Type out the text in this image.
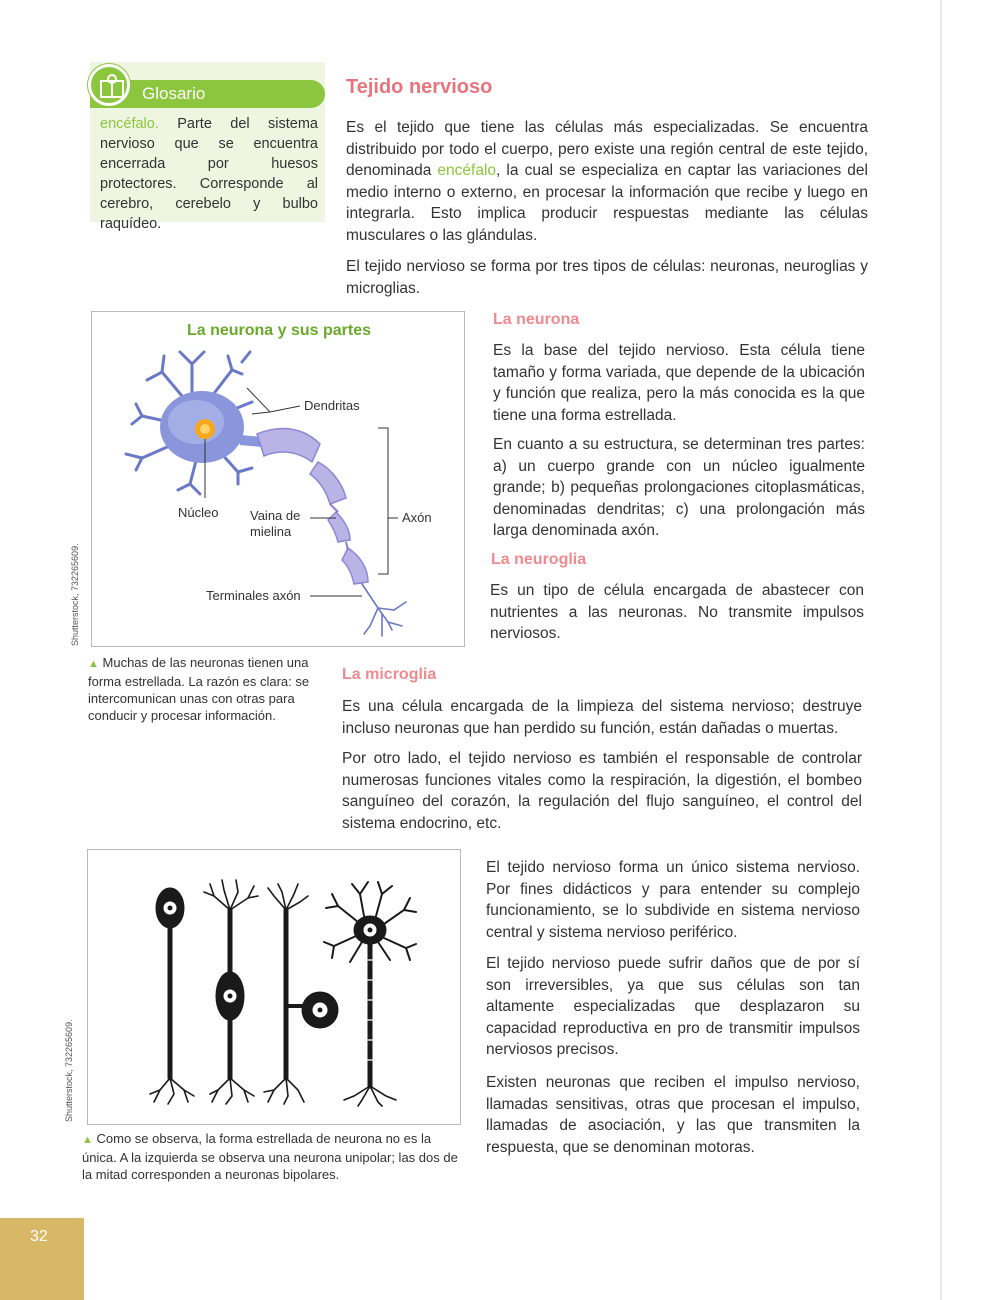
Glosario

encéfalo. Parte del sistema nervioso que se encuentra encerrada por huesos protectores. Corresponde al cerebro, cerebelo y bulbo raquídeo.

Tejido nervioso

Es el tejido que tiene las células más especializadas. Se encuentra distribuido por todo el cuerpo, pero existe una región central de este tejido, denominada encéfalo, la cual se especializa en captar las variaciones del medio interno o externo, en procesar la información que recibe y luego en integrarla. Esto implica producir respuestas mediante las células musculares o las glándulas.

El tejido nervioso se forma por tres tipos de células: neuronas, neuroglias y microglias.

La neurona y sus partes
Dendritas
Núcleo Vaina de mielina
Axón
Terminales axón
Shutterstock, 732265609.

▲ Muchas de las neuronas tienen una forma estrellada. La razón es clara: se intercomunican unas con otras para conducir y procesar información.

La neurona

Es la base del tejido nervioso. Esta célula tiene tamaño y forma variada, que depende de la ubicación y función que realiza, pero la más conocida es la que tiene una forma estrellada.

En cuanto a su estructura, se determinan tres partes: a) un cuerpo grande con un núcleo igualmente grande; b) pequeñas prolongaciones citoplasmáticas, denominadas dendritas; c) una prolongación más larga denominada axón.

La neuroglia

Es un tipo de célula encargada de abastecer con nutrientes a las neuronas. No transmite impulsos nerviosos.

La microglia

Es una célula encargada de la limpieza del sistema nervioso; destruye incluso neuronas que han perdido su función, están dañadas o muertas.

Por otro lado, el tejido nervioso es también el responsable de controlar numerosas funciones vitales como la respiración, la digestión, el bombeo sanguíneo del corazón, la regulación del flujo sanguíneo, el control del sistema endocrino, etc.

Shutterstock, 732265609.

▲ Como se observa, la forma estrellada de neurona no es la única. A la izquierda se observa una neurona unipolar; las dos de la mitad corresponden a neuronas bipolares.

El tejido nervioso forma un único sistema nervioso. Por fines didácticos y para entender su complejo funcionamiento, se lo subdivide en sistema nervioso central y sistema nervioso periférico.

El tejido nervioso puede sufrir daños que de por sí son irreversibles, ya que sus células son tan altamente especializadas que desplazaron su capacidad reproductiva en pro de transmitir impulsos nerviosos precisos.

Existen neuronas que reciben el impulso nervioso, llamadas sensitivas, otras que procesan el impulso, llamadas de asociación, y las que transmiten la respuesta, que se denominan motoras.

32
